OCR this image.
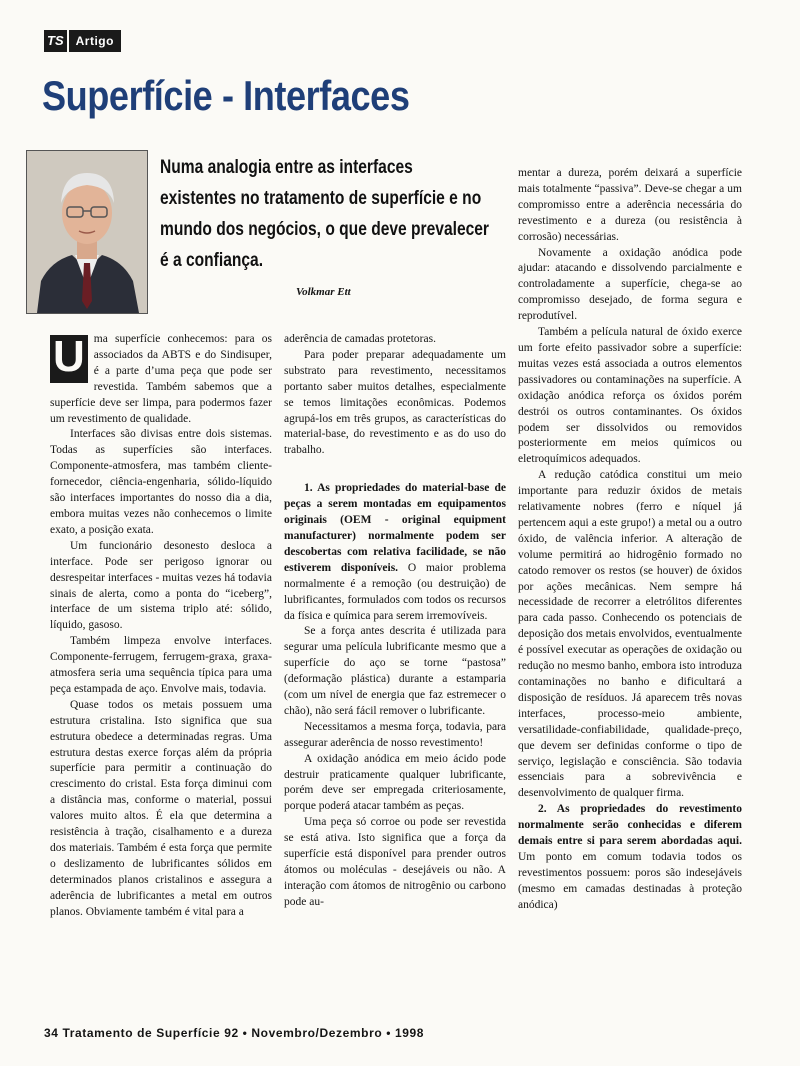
TS	Artigo
Superfície - Interfaces

Numa analogia entre as interfaces existentes no tratamento de superfície e no mundo dos negócios, o que deve prevalecer é a confiança.

Volkmar Ett

U ma superfície conhecemos: para os associados da ABTS e do Sindisuper, é a parte d’uma peça que pode ser revestida. Também sabemos que a superfície deve ser limpa, para podermos fazer um revestimento de qualidade.

Interfaces são divisas entre dois sistemas. Todas as superfícies são interfaces. Componente-atmosfera, mas também cliente-fornecedor, ciência-engenharia, sólido-líquido são interfaces importantes do nosso dia a dia, embora muitas vezes não conhecemos o limite exato, a posição exata.

Um funcionário desonesto desloca a interface. Pode ser perigoso ignorar ou desrespeitar interfaces - muitas vezes há todavia sinais de alerta, como a ponta do “iceberg”, interface de um sistema triplo até: sólido, líquido, gasoso.

Também limpeza envolve interfaces. Componente-ferrugem, ferrugem-graxa, graxa-atmosfera seria uma sequência típica para uma peça estampada de aço. Envolve mais, todavia.

Quase todos os metais possuem uma estrutura cristalina. Isto significa que sua estrutura obedece a determinadas regras. Uma estrutura destas exerce forças além da própria superfície para permitir a continuação do crescimento do cristal. Esta força diminui com a distância mas, conforme o material, possui valores muito altos. É ela que determina a resistência à tração, cisalhamento e a dureza dos materiais. Também é esta força que permite o deslizamento de lubrificantes sólidos em determinados planos cristalinos e assegura a aderência de lubrificantes a metal em outros planos. Obviamente também é vital para a

aderência de camadas protetoras.

Para poder preparar adequadamente um substrato para revestimento, necessitamos portanto saber muitos detalhes, especialmente se temos limitações econômicas. Podemos agrupá-los em três grupos, as características do material-base, do revestimento e as do uso do trabalho.

1. As propriedades do material-base de peças a serem montadas em equipamentos originais (OEM - original equipment manufacturer) normalmente podem ser descobertas com relativa facilidade, se não estiverem disponíveis. O maior problema normalmente é a remoção (ou destruição) de lubrificantes, formulados com todos os recursos da física e química para serem irremovíveis.

Se a força antes descrita é utilizada para segurar uma película lubrificante mesmo que a superfície do aço se torne “pastosa” (deformação plástica) durante a estamparia (com um nível de energia que faz estremecer o chão), não será fácil remover o lubrificante.

Necessitamos a mesma força, todavia, para assegurar aderência de nosso revestimento!

A oxidação anódica em meio ácido pode destruir praticamente qualquer lubrificante, porém deve ser empregada criteriosamente, porque poderá atacar também as peças.

Uma peça só corroe ou pode ser revestida se está ativa. Isto significa que a força da superfície está disponível para prender outros átomos ou moléculas - desejáveis ou não. A interação com átomos de nitrogênio ou carbono pode au-

mentar a dureza, porém deixará a superfície mais totalmente “passiva”. Deve-se chegar a um compromisso entre a aderência necessária do revestimento e a dureza (ou resistência à corrosão) necessárias.

Novamente a oxidação anódica pode ajudar: atacando e dissolvendo parcialmente e controladamente a superfície, chega-se ao compromisso desejado, de forma segura e reprodutível.

Também a película natural de óxido exerce um forte efeito passivador sobre a superfície: muitas vezes está associada a outros elementos passivadores ou contaminações na superfície. A oxidação anódica reforça os óxidos porém destrói os outros contaminantes. Os óxidos podem ser dissolvidos ou removidos posteriormente em meios químicos ou eletroquímicos adequados.

A redução catódica constitui um meio importante para reduzir óxidos de metais relativamente nobres (ferro e níquel já pertencem aqui a este grupo!) a metal ou a outro óxido, de valência inferior. A alteração de volume permitirá ao hidrogênio formado no catodo remover os restos (se houver) de óxidos por ações mecânicas. Nem sempre há necessidade de recorrer a eletrólitos diferentes para cada passo. Conhecendo os potenciais de deposição dos metais envolvidos, eventualmente é possível executar as operações de oxidação ou redução no mesmo banho, embora isto introduza contaminações no banho e dificultará a disposição de resíduos. Já aparecem três novas interfaces, processo-meio ambiente, versatilidade-confiabilidade, qualidade-preço, que devem ser definidas conforme o tipo de serviço, legislação e consciência. São todavia essenciais para a sobrevivência e desenvolvimento de qualquer firma.

2. As propriedades do revestimento normalmente serão conhecidas e diferem demais entre si para serem abordadas aqui. Um ponto em comum todavia todos os revestimentos possuem: poros são indesejáveis (mesmo em camadas destinadas à proteção anódica)

34 Tratamento de Superfície 92 • Novembro/Dezembro • 1998
